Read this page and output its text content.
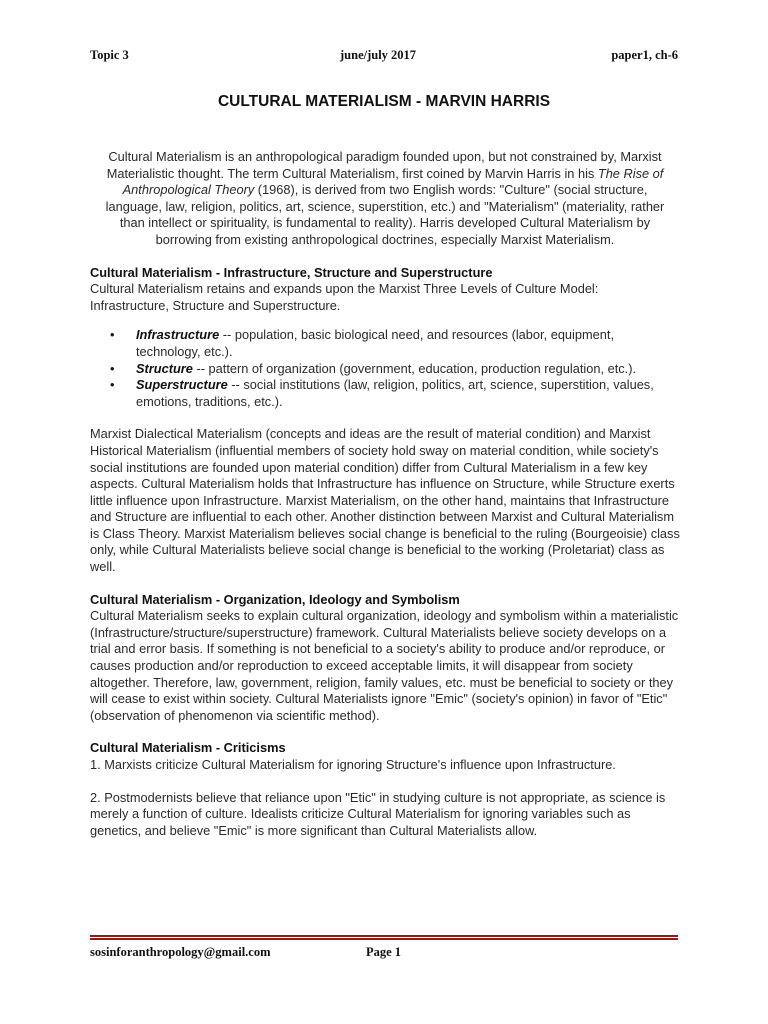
Topic 3	june/july 2017	paper1, ch-6
CULTURAL MATERIALISM - MARVIN HARRIS

Cultural Materialism is an anthropological paradigm founded upon, but not constrained by, Marxist Materialistic thought. The term Cultural Materialism, first coined by Marvin Harris in his The Rise of Anthropological Theory (1968), is derived from two English words: "Culture" (social structure, language, law, religion, politics, art, science, superstition, etc.) and "Materialism" (materiality, rather than intellect or spirituality, is fundamental to reality). Harris developed Cultural Materialism by borrowing from existing anthropological doctrines, especially Marxist Materialism.

Cultural Materialism - Infrastructure, Structure and Superstructure

Cultural Materialism retains and expands upon the Marxist Three Levels of Culture Model: Infrastructure, Structure and Superstructure.

• Infrastructure -- population, basic biological need, and resources (labor, equipment, technology, etc.).
• Structure -- pattern of organization (government, education, production regulation, etc.).
• Superstructure -- social institutions (law, religion, politics, art, science, superstition, values, emotions, traditions, etc.).

Marxist Dialectical Materialism (concepts and ideas are the result of material condition) and Marxist Historical Materialism (influential members of society hold sway on material condition, while society's social institutions are founded upon material condition) differ from Cultural Materialism in a few key aspects. Cultural Materialism holds that Infrastructure has influence on Structure, while Structure exerts little influence upon Infrastructure. Marxist Materialism, on the other hand, maintains that Infrastructure and Structure are influential to each other. Another distinction between Marxist and Cultural Materialism is Class Theory. Marxist Materialism believes social change is beneficial to the ruling (Bourgeoisie) class only, while Cultural Materialists believe social change is beneficial to the working (Proletariat) class as well.

Cultural Materialism - Organization, Ideology and Symbolism

Cultural Materialism seeks to explain cultural organization, ideology and symbolism within a materialistic (Infrastructure/structure/superstructure) framework. Cultural Materialists believe society develops on a trial and error basis. If something is not beneficial to a society's ability to produce and/or reproduce, or causes production and/or reproduction to exceed acceptable limits, it will disappear from society altogether. Therefore, law, government, religion, family values, etc. must be beneficial to society or they will cease to exist within society. Cultural Materialists ignore "Emic" (society's opinion) in favor of "Etic" (observation of phenomenon via scientific method).

Cultural Materialism - Criticisms

1. Marxists criticize Cultural Materialism for ignoring Structure's influence upon Infrastructure.

2. Postmodernists believe that reliance upon "Etic" in studying culture is not appropriate, as science is merely a function of culture. Idealists criticize Cultural Materialism for ignoring variables such as genetics, and believe "Emic" is more significant than Cultural Materialists allow.

sosinforanthropology@gmail.com	Page 1
